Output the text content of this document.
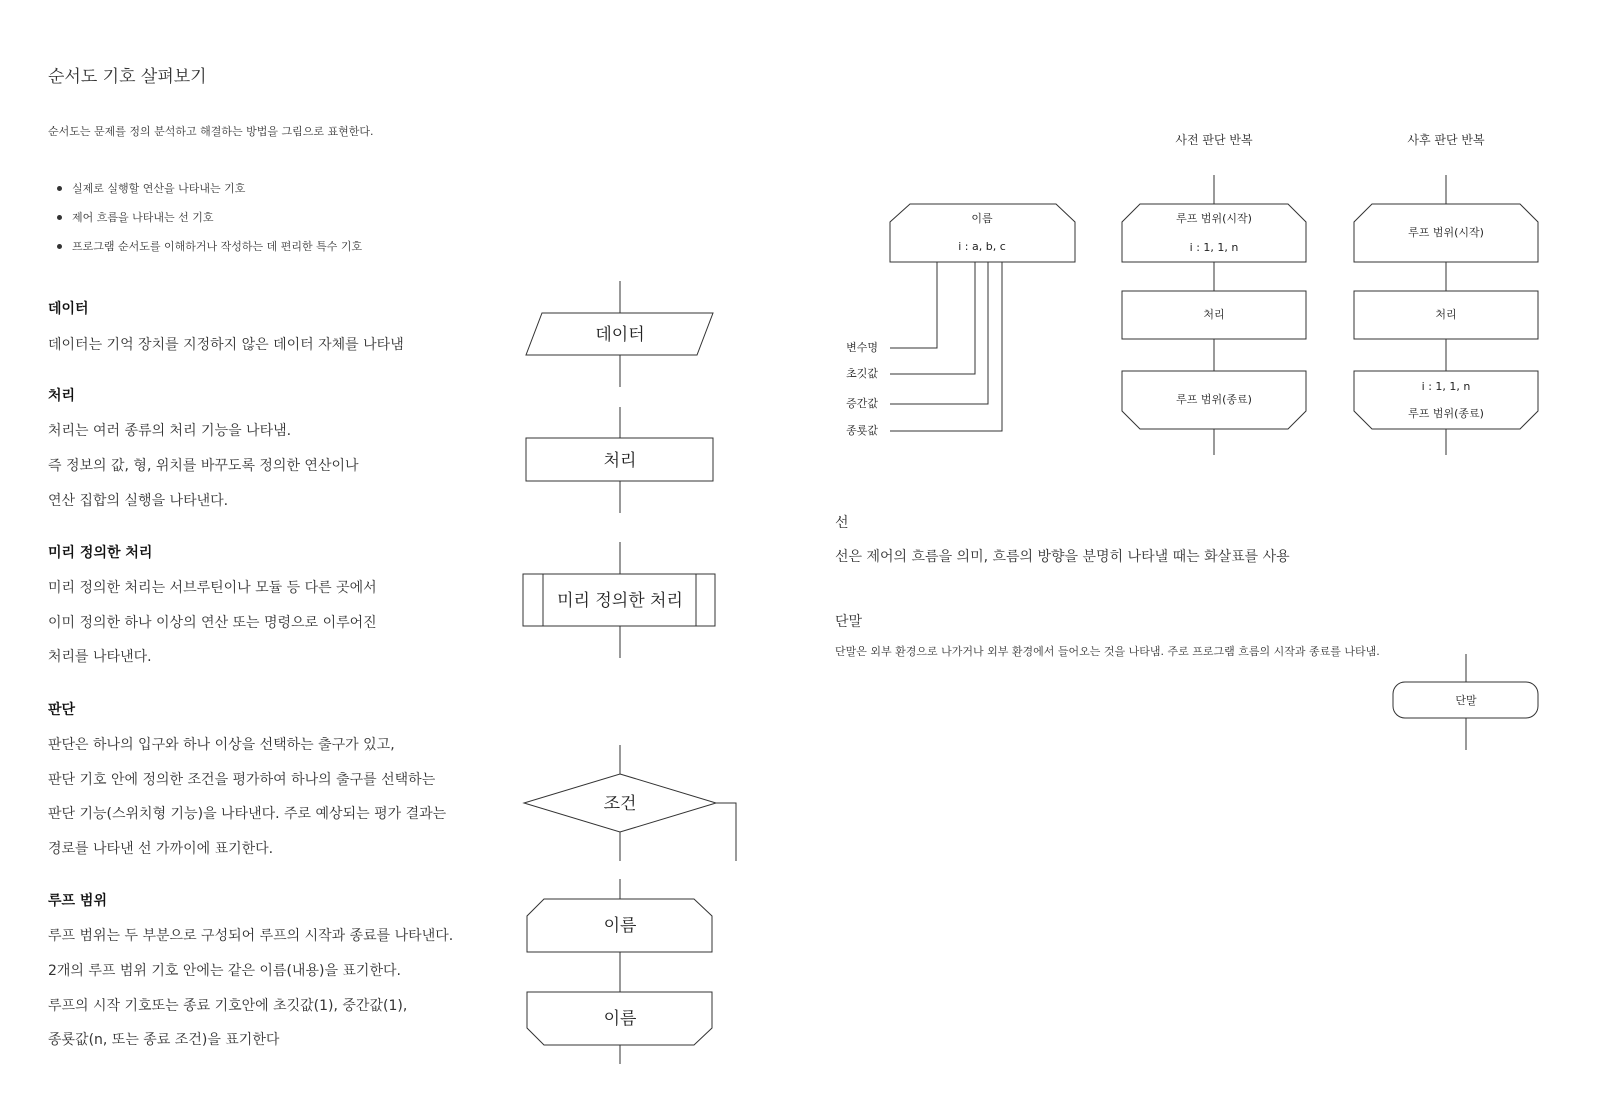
순서도 기호 살펴보기
순서도는 문제를 정의 분석하고 해결하는 방법을 그림으로 표현한다.
실제로 실행할 연산을 나타내는 기호
제어 흐름을 나타내는 선 기호
프로그램 순서도를 이해하거나 작성하는 데 편리한 특수 기호
데이터
데이터는 기억 장치를 지정하지 않은 데이터 자체를 나타냄
처리
처리는 여러 종류의 처리 기능을 나타냄.
즉 정보의 값, 형, 위치를 바꾸도록 정의한 연산이나
연산 집합의 실행을 나타낸다.
미리 정의한 처리
미리 정의한 처리는 서브루틴이나 모듈 등 다른 곳에서
이미 정의한 하나 이상의 연산 또는 명령으로 이루어진
처리를 나타낸다.
판단
판단은 하나의 입구와 하나 이상을 선택하는 출구가 있고,
판단 기호 안에 정의한 조건을 평가하여 하나의 출구를 선택하는
판단 기능(스위치형 기능)을 나타낸다. 주로 예상되는 평가 결과는
경로를 나타낸 선 가까이에 표기한다.
루프 범위
루프 범위는 두 부분으로 구성되어 루프의 시작과 종료를 나타낸다.
2개의 루프 범위 기호 안에는 같은 이름(내용)을 표기한다.
루프의 시작 기호또는 종료 기호안에 초깃값(1), 중간값(1),
종룟값(n, 또는 종료 조건)을 표기한다
선
선은 제어의 흐름을 의미, 흐름의 방향을 분명히 나타낼 때는 화살표를 사용
단말
단말은 외부 환경으로 나가거나 외부 환경에서 들어오는 것을 나타냄. 주로 프로그램 흐름의 시작과 종료를 나타냄.
데이터
처리
미리 정의한 처리
조건
이름
이름
이름
i : a, b, c
사전 판단 반복
루프 범위(시작)
i : 1, 1, n
처리
루프 범위(종료)
사후 판단 반복
루프 범위(시작)
처리
i : 1, 1, n
루프 범위(종료)
단말
변수명
초깃값
증간값
종룟값
